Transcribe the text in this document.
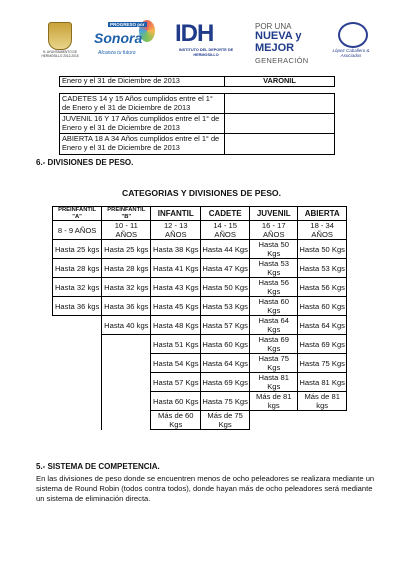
H. AYUNTAMIENTO DE HERMOSILLO 2012-2015
PROGRESO por
Sonora
Alcanza tu futuro
IDH
INSTITUTO DEL DEPORTE DE HERMOSILLO
POR UNA
NUEVA y
MEJOR
GENERACIÓN
López Caballero & Asociados
Enero y el 31 de Diciembre de 2013	VARONIL
CADETES 14 y 15 Años cumplidos entre el 1° de Enero y el 31 de Diciembre de 2013	
JUVENIL 16 Y 17 Años cumplidos entre el 1° de Enero y el 31 de Diciembre de 2013	
ABIERTA 18 A 34 Años cumplidos entre el 1° de Enero y el 31 de Diciembre de 2013	
6.- DIVISIONES DE PESO.
CATEGORIAS Y DIVISIONES DE PESO.
PREINFANTIL "A"	PREINFANTIL "B"	INFANTIL	CADETE	JUVENIL	ABIERTA
8 - 9 AÑOS	10 - 11 AÑOS	12 - 13 AÑOS	14 - 15 AÑOS	16 - 17 AÑOS	18 - 34 AÑOS
Hasta 25 kgs	Hasta 25 kgs	Hasta 38 Kgs	Hasta 44 Kgs	Hasta 50 Kgs	Hasta 50 Kgs
Hasta 28 kgs	Hasta 28 kgs	Hasta 41 Kgs	Hasta 47 Kgs	Hasta 53 Kgs	Hasta 53 Kgs
Hasta 32 kgs	Hasta 32 kgs	Hasta 43 Kgs	Hasta 50 Kgs	Hasta 56 Kgs	Hasta 56 Kgs
Hasta 36 kgs	Hasta 36 kgs	Hasta 45 Kgs	Hasta 53 Kgs	Hasta 60 Kgs	Hasta 60 Kgs
	Hasta 40 kgs	Hasta 48 Kgs	Hasta 57 Kgs	Hasta 64 Kgs	Hasta 64 Kgs
		Hasta 51 Kgs	Hasta 60 Kgs	Hasta 69 Kgs	Hasta 69 Kgs
		Hasta 54 Kgs	Hasta 64 Kgs	Hasta 75 Kgs	Hasta 75 Kgs
		Hasta 57 Kgs	Hasta 69 Kgs	Hasta 81 Kgs	Hasta 81 Kgs
		Hasta 60 Kgs	Hasta 75 Kgs	Más de 81 kgs	Más de 81 kgs
		Más de 60 Kgs	Más de 75 Kgs		
5.- SISTEMA DE COMPETENCIA.
En las divisiones de peso donde se encuentren menos de ocho peleadores se realizara mediante un sistema de Round Robin (todos contra todos), donde hayan más de ocho peleadores será mediante un sistema de eliminación directa.
